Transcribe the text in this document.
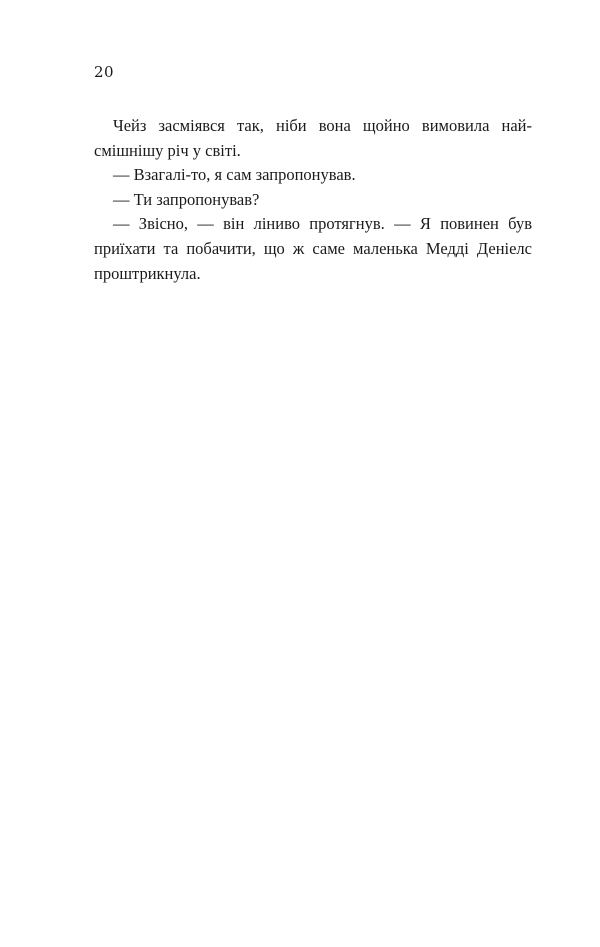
20
Чейз засміявся так, ніби вона щойно вимовила най-
смішнішу річ у світі.
— Взагалі-то, я сам запропонував.
— Ти запропонував?
— Звісно, — він ліниво протягнув. — Я повинен був
приїхати та побачити, що ж саме маленька Медді Деніелс
проштрикнула.
